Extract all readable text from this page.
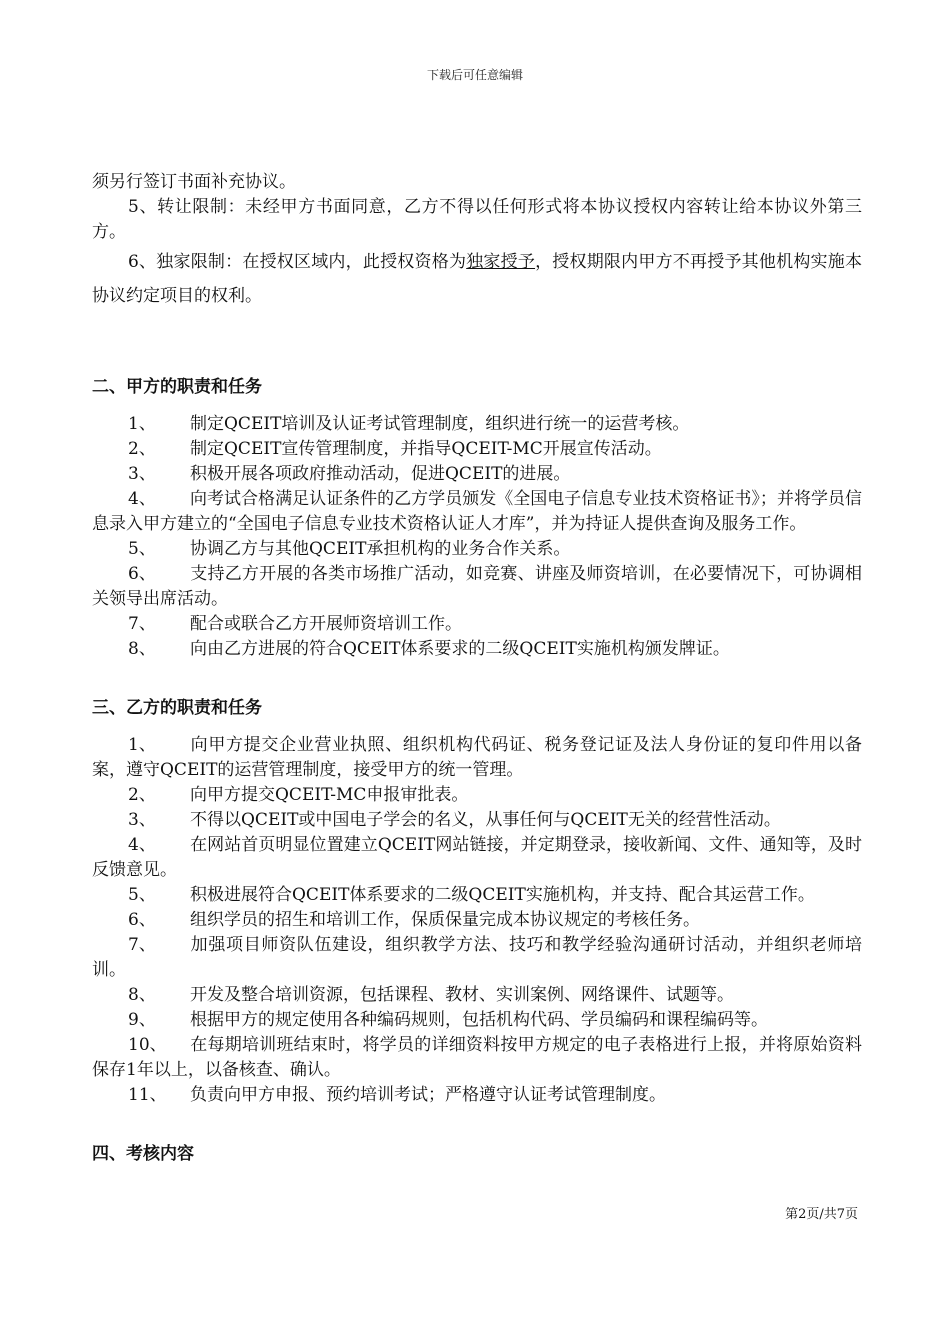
下载后可任意编辑

须另行签订书面补充协议。

5、转让限制：未经甲方书面同意，乙方不得以任何形式将本协议授权内容转让给本协议外第三方。

6、独家限制：在授权区域内，此授权资格为独家授予，授权期限内甲方不再授予其他机构实施本协议约定项目的权利。

二、甲方的职责和任务

1、 制定QCEIT培训及认证考试管理制度，组织进行统一的运营考核。

2、 制定QCEIT宣传管理制度，并指导QCEIT-MC开展宣传活动。

3、 积极开展各项政府推动活动，促进QCEIT的进展。

4、 向考试合格满足认证条件的乙方学员颁发《全国电子信息专业技术资格证书》；并将学员信息录入甲方建立的“全国电子信息专业技术资格认证人才库”，并为持证人提供查询及服务工作。

5、 协调乙方与其他QCEIT承担机构的业务合作关系。

6、 支持乙方开展的各类市场推广活动，如竞赛、讲座及师资培训，在必要情况下，可协调相关领导出席活动。

7、 配合或联合乙方开展师资培训工作。

8、 向由乙方进展的符合QCEIT体系要求的二级QCEIT实施机构颁发牌证。

三、乙方的职责和任务

1、 向甲方提交企业营业执照、组织机构代码证、税务登记证及法人身份证的复印件用以备案，遵守QCEIT的运营管理制度，接受甲方的统一管理。

2、 向甲方提交QCEIT-MC申报审批表。

3、 不得以QCEIT或中国电子学会的名义，从事任何与QCEIT无关的经营性活动。

4、 在网站首页明显位置建立QCEIT网站链接，并定期登录，接收新闻、文件、通知等，及时反馈意见。

5、 积极进展符合QCEIT体系要求的二级QCEIT实施机构，并支持、配合其运营工作。

6、 组织学员的招生和培训工作，保质保量完成本协议规定的考核任务。

7、 加强项目师资队伍建设，组织教学方法、技巧和教学经验沟通研讨活动，并组织老师培训。

8、 开发及整合培训资源，包括课程、教材、实训案例、网络课件、试题等。

9、 根据甲方的规定使用各种编码规则，包括机构代码、学员编码和课程编码等。

10、 在每期培训班结束时，将学员的详细资料按甲方规定的电子表格进行上报，并将原始资料保存1年以上，以备核查、确认。

11、 负责向甲方申报、预约培训考试；严格遵守认证考试管理制度。

四、考核内容
第2页/共7页
